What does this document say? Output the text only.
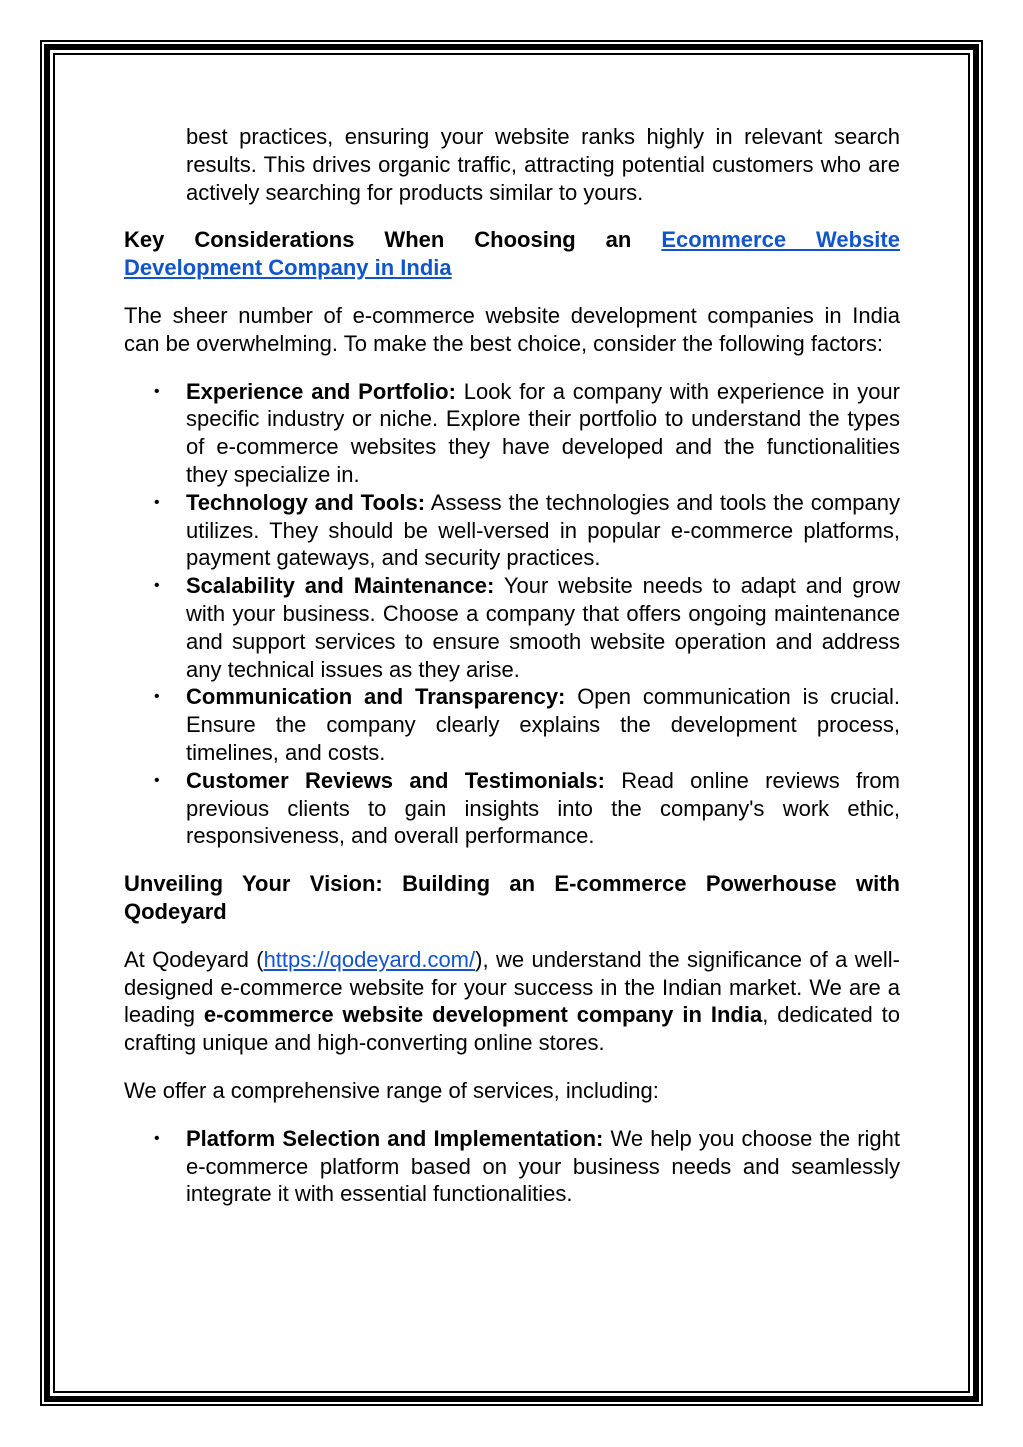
best practices, ensuring your website ranks highly in relevant search results. This drives organic traffic, attracting potential customers who are actively searching for products similar to yours.

Key Considerations When Choosing an Ecommerce Website Development Company in India

The sheer number of e-commerce website development companies in India can be overwhelming. To make the best choice, consider the following factors:

• Experience and Portfolio: Look for a company with experience in your specific industry or niche. Explore their portfolio to understand the types of e-commerce websites they have developed and the functionalities they specialize in.
• Technology and Tools: Assess the technologies and tools the company utilizes. They should be well-versed in popular e-commerce platforms, payment gateways, and security practices.
• Scalability and Maintenance: Your website needs to adapt and grow with your business. Choose a company that offers ongoing maintenance and support services to ensure smooth website operation and address any technical issues as they arise.
• Communication and Transparency: Open communication is crucial. Ensure the company clearly explains the development process, timelines, and costs.
• Customer Reviews and Testimonials: Read online reviews from previous clients to gain insights into the company's work ethic, responsiveness, and overall performance.

Unveiling Your Vision: Building an E-commerce Powerhouse with Qodeyard

At Qodeyard (https://qodeyard.com/), we understand the significance of a well-designed e-commerce website for your success in the Indian market. We are a leading e-commerce website development company in India, dedicated to crafting unique and high-converting online stores.

We offer a comprehensive range of services, including:

• Platform Selection and Implementation: We help you choose the right e-commerce platform based on your business needs and seamlessly integrate it with essential functionalities.
